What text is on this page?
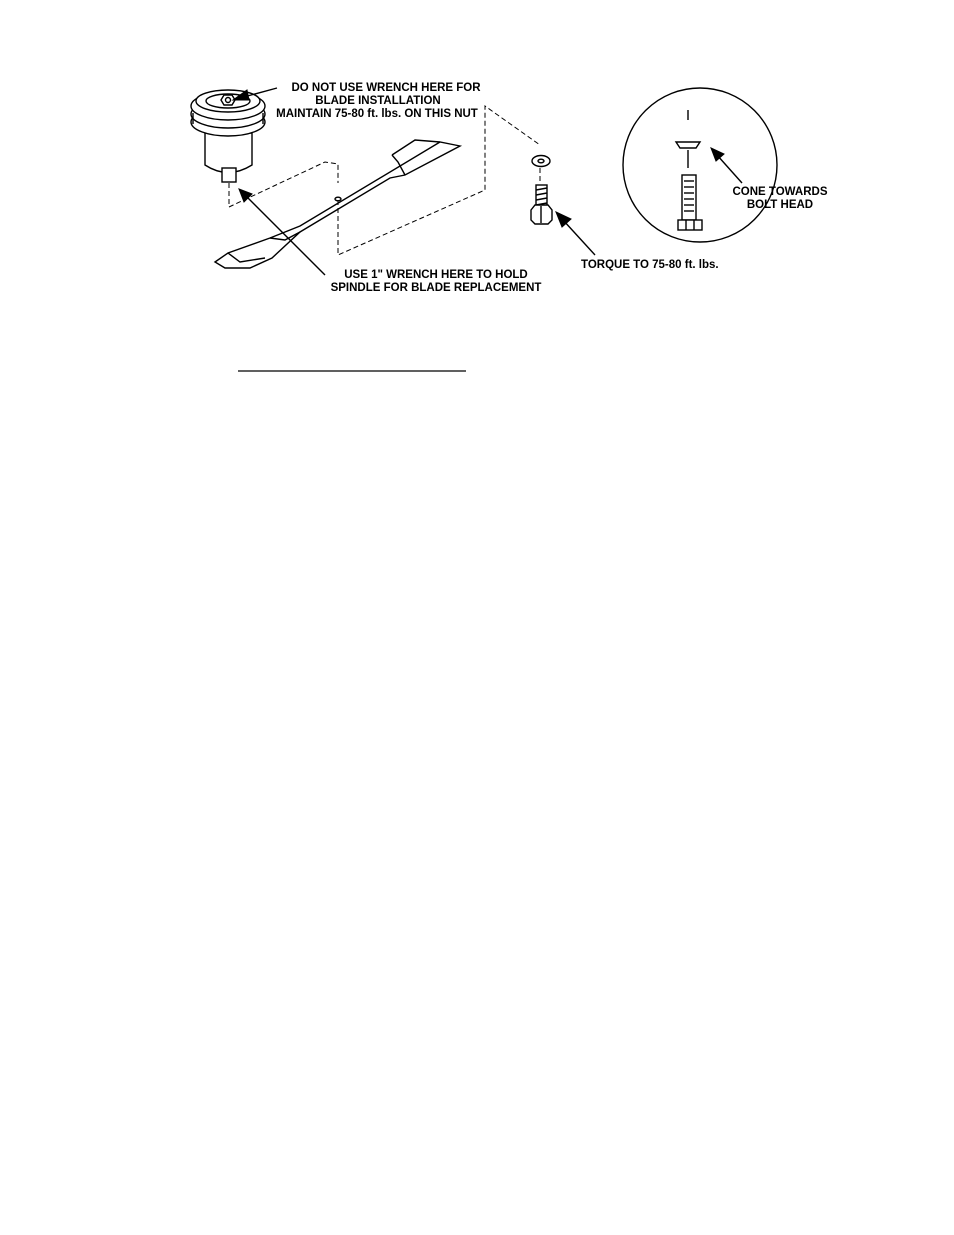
DO NOT USE WRENCH HERE FOR
BLADE INSTALLATION
MAINTAIN 75-80 ft. lbs. ON THIS NUT
USE 1" WRENCH HERE TO HOLD
SPINDLE FOR BLADE REPLACEMENT
TORQUE TO 75-80 ft. lbs.
CONE TOWARDS
BOLT HEAD
